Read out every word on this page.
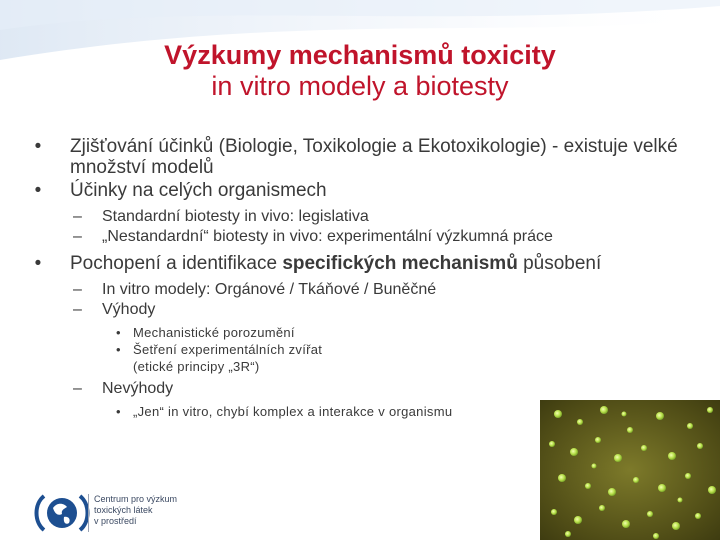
Výzkumy mechanismů toxicity
in vitro modely a biotesty
•	Zjišťování účinků (Biologie, Toxikologie a Ekotoxikologie) - existuje velké množství modelů
•	Účinky na celých organismech
– Standardní biotesty in vivo: legislativa
– „Nestandardní“ biotesty in vivo: experimentální výzkumná práce
•	Pochopení a identifikace specifických mechanismů působení
– In vitro modely: Orgánové / Tkáňové / Buněčné
– Výhody
• Mechanistické porozumění
• Šetření experimentálních zvířat
(etické principy „3R“)
– Nevýhody
• „Jen“ in vitro, chybí komplex a interakce v organismu
Centrum pro výzkum
toxických látek
v prostředí
